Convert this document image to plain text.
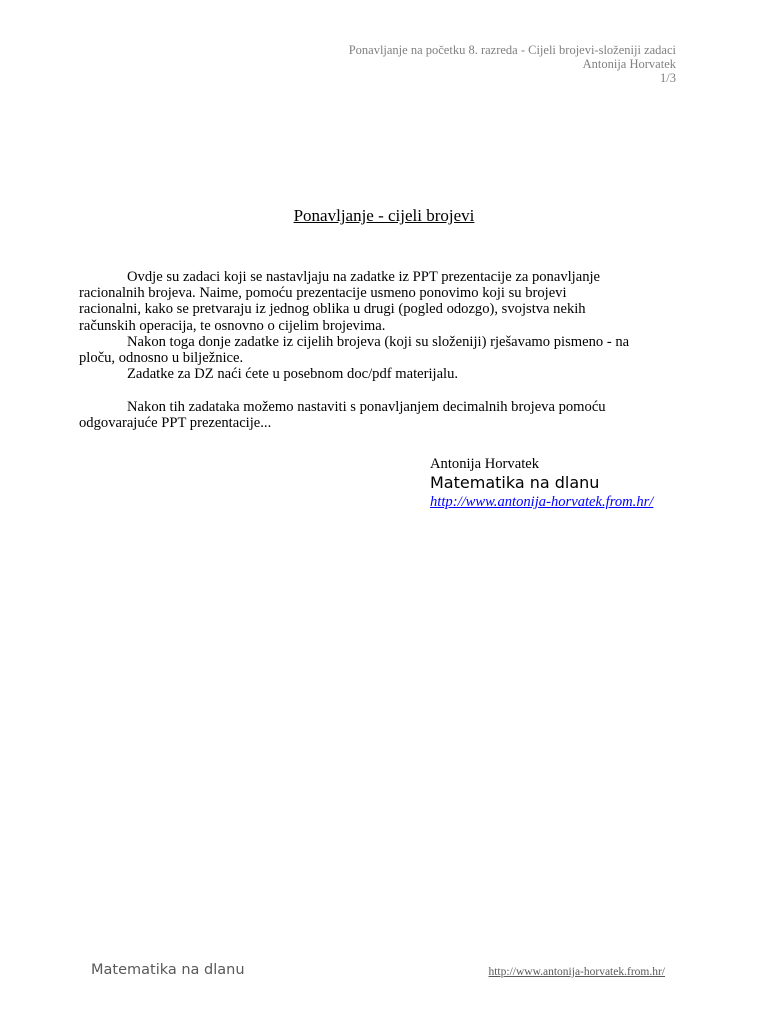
Ponavljanje na početku 8. razreda - Cijeli brojevi-složeniji zadaci
Antonija Horvatek
1/3
Ponavljanje - cijeli brojevi

Ovdje su zadaci koji se nastavljaju na zadatke iz PPT prezentacije za ponavljanje
racionalnih brojeva. Naime, pomoću prezentacije usmeno ponovimo koji su brojevi
racionalni, kako se pretvaraju iz jednog oblika u drugi (pogled odozgo), svojstva nekih
računskih operacija, te osnovno o cijelim brojevima.

Nakon toga donje zadatke iz cijelih brojeva (koji su složeniji) rješavamo pismeno - na
ploču, odnosno u bilježnice.

Zadatke za DZ naći ćete u posebnom doc/pdf materijalu.

Nakon tih zadataka možemo nastaviti s ponavljanjem decimalnih brojeva pomoću
odgovarajuće PPT prezentacije...

Antonija Horvatek
Matematika na dlanu
http://www.antonija-horvatek.from.hr/
Matematika na dlanu	http://www.antonija-horvatek.from.hr/
